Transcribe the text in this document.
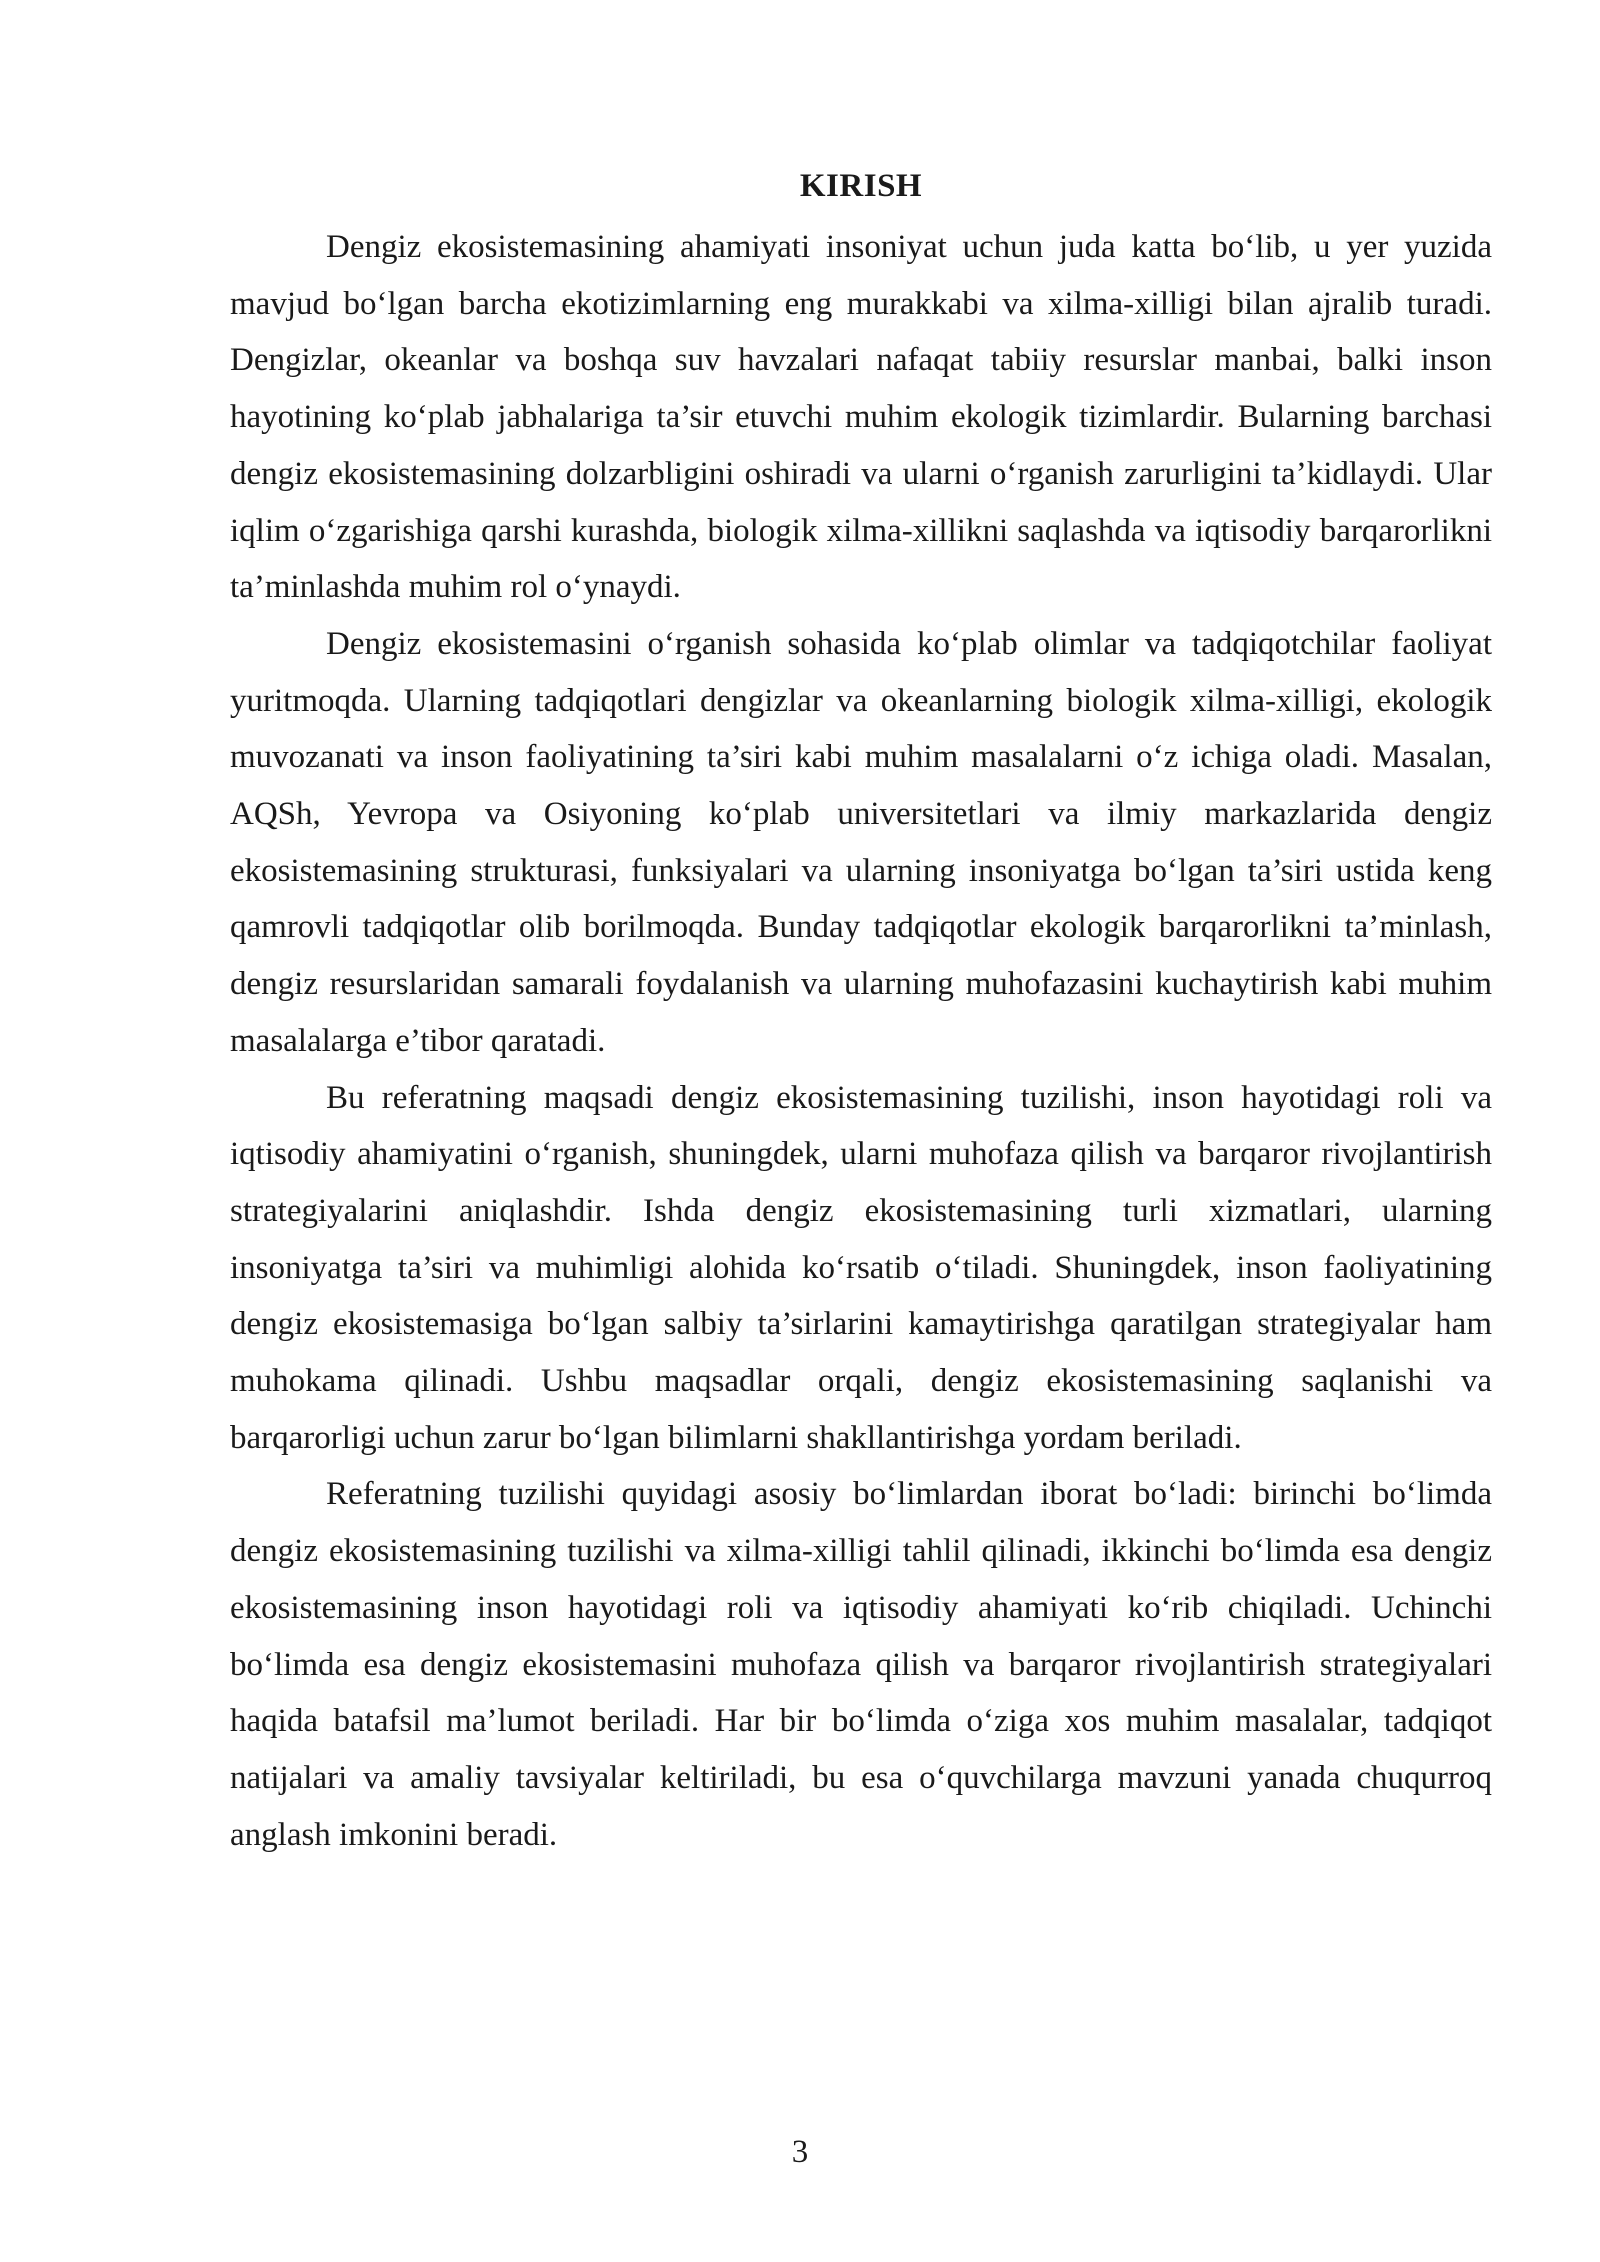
KIRISH

Dengiz ekosistemasining ahamiyati insoniyat uchun juda katta bo‘lib, u yer yuzida mavjud bo‘lgan barcha ekotizimlarning eng murakkabi va xilma-xilligi bilan ajralib turadi. Dengizlar, okeanlar va boshqa suv havzalari nafaqat tabiiy resurslar manbai, balki inson hayotining ko‘plab jabhalariga ta’sir etuvchi muhim ekologik tizimlardir. Bularning barchasi dengiz ekosistemasining dolzarbligini oshiradi va ularni o‘rganish zarurligini ta’kidlaydi. Ular iqlim o‘zgarishiga qarshi kurashda, biologik xilma-xillikni saqlashda va iqtisodiy barqarorlikni ta’minlashda muhim rol o‘ynaydi.

Dengiz ekosistemasini o‘rganish sohasida ko‘plab olimlar va tadqiqotchilar faoliyat yuritmoqda. Ularning tadqiqotlari dengizlar va okeanlarning biologik xilma-xilligi, ekologik muvozanati va inson faoliyatining ta’siri kabi muhim masalalarni o‘z ichiga oladi. Masalan, AQSh, Yevropa va Osiyoning ko‘plab universitetlari va ilmiy markazlarida dengiz ekosistemasining strukturasi, funksiyalari va ularning insoniyatga bo‘lgan ta’siri ustida keng qamrovli tadqiqotlar olib borilmoqda. Bunday tadqiqotlar ekologik barqarorlikni ta’minlash, dengiz resurslaridan samarali foydalanish va ularning muhofazasini kuchaytirish kabi muhim masalalarga e’tibor qaratadi.

Bu referatning maqsadi dengiz ekosistemasining tuzilishi, inson hayotidagi roli va iqtisodiy ahamiyatini o‘rganish, shuningdek, ularni muhofaza qilish va barqaror rivojlantirish strategiyalarini aniqlashdir. Ishda dengiz ekosistemasining turli xizmatlari, ularning insoniyatga ta’siri va muhimligi alohida ko‘rsatib o‘tiladi. Shuningdek, inson faoliyatining dengiz ekosistemasiga bo‘lgan salbiy ta’sirlarini kamaytirishga qaratilgan strategiyalar ham muhokama qilinadi. Ushbu maqsadlar orqali, dengiz ekosistemasining saqlanishi va barqarorligi uchun zarur bo‘lgan bilimlarni shakllantirishga yordam beriladi.

Referatning tuzilishi quyidagi asosiy bo‘limlardan iborat bo‘ladi: birinchi bo‘limda dengiz ekosistemasining tuzilishi va xilma-xilligi tahlil qilinadi, ikkinchi bo‘limda esa dengiz ekosistemasining inson hayotidagi roli va iqtisodiy ahamiyati ko‘rib chiqiladi. Uchinchi bo‘limda esa dengiz ekosistemasini muhofaza qilish va barqaror rivojlantirish strategiyalari haqida batafsil ma’lumot beriladi. Har bir bo‘limda o‘ziga xos muhim masalalar, tadqiqot natijalari va amaliy tavsiyalar keltiriladi, bu esa o‘quvchilarga mavzuni yanada chuqurroq anglash imkonini beradi.

3
